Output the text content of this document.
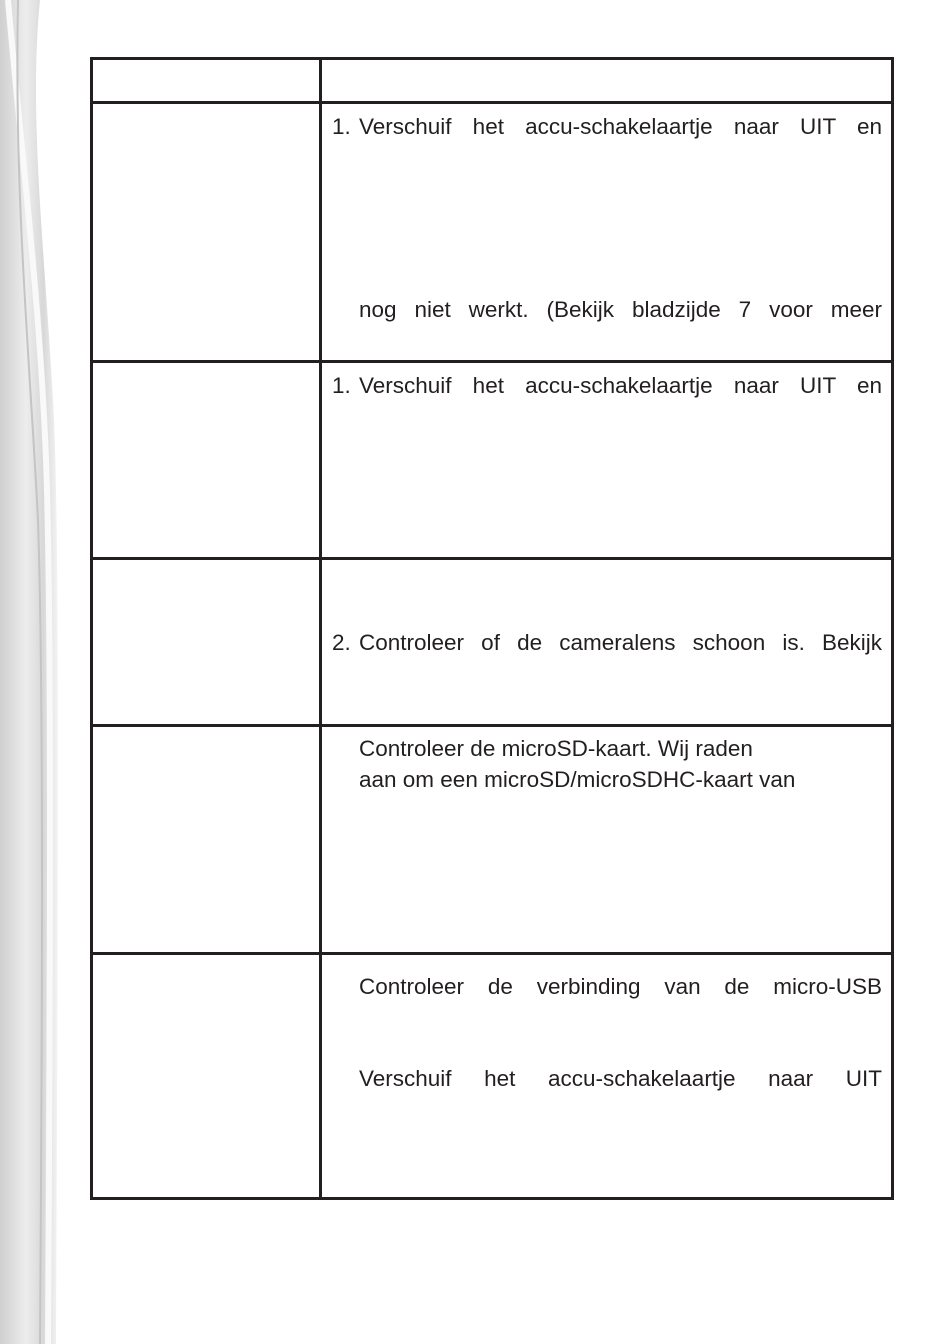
1. Verschuif het accu-schakelaartje naar UIT en
nog niet werkt. (Bekijk bladzijde 7 voor meer
1. Verschuif het accu-schakelaartje naar UIT en
2. Controleer of de cameralens schoon is. Bekijk
Controleer de microSD-kaart. Wij raden
aan om een microSD/microSDHC-kaart van
Controleer de verbinding van de micro-USB
Verschuif het accu-schakelaartje naar UIT
